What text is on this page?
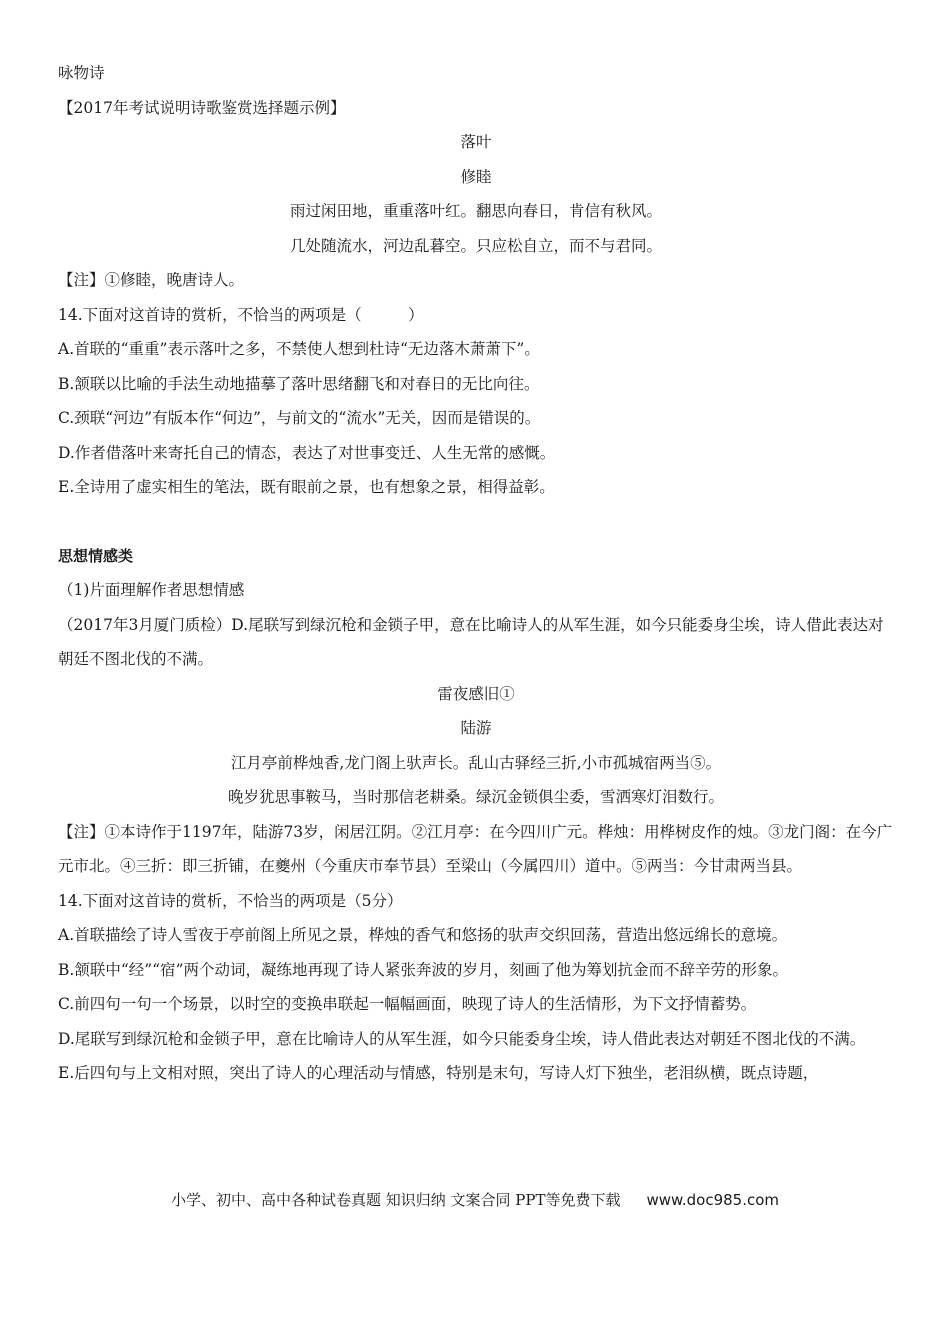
咏物诗
【2017年考试说明诗歌鉴赏选择题示例】
落叶
修睦
雨过闲田地，重重落叶红。翻思向春日，肯信有秋风。
几处随流水，河边乱暮空。只应松自立，而不与君同。
【注】①修睦，晚唐诗人。
14.下面对这首诗的赏析，不恰当的两项是（　　　）
A.首联的“重重”表示落叶之多，不禁使人想到杜诗“无边落木萧萧下”。
B.颔联以比喻的手法生动地描摹了落叶思绪翻飞和对春日的无比向往。
C.颈联“河边”有版本作“何边”，与前文的“流水”无关，因而是错误的。
D.作者借落叶来寄托自己的情态，表达了对世事变迁、人生无常的感慨。
E.全诗用了虚实相生的笔法，既有眼前之景，也有想象之景，相得益彰。
思想情感类
（1)片面理解作者思想情感
（2017年3月厦门质检）D.尾联写到绿沉枪和金锁子甲，意在比喻诗人的从军生涯，如今只能委身尘埃，诗人借此表达对朝廷不图北伐的不满。
雷夜感旧①
陆游
江月亭前桦烛香,龙门阁上驮声长。乱山古驿经三折,小市孤城宿两当⑤。
晚岁犹思事鞍马，当时那信老耕桑。绿沉金锁俱尘委，雪洒寒灯泪数行。
【注】①本诗作于1197年，陆游73岁，闲居江阴。②江月亭：在今四川广元。桦烛：用桦树皮作的烛。③龙门阁：在今广元市北。④三折：即三折铺，在夔州（今重庆市奉节县）至梁山（今属四川）道中。⑤两当：今甘肃两当县。
14.下面对这首诗的赏析，不恰当的两项是（5分）
A.首联描绘了诗人雪夜于亭前阁上所见之景，桦烛的香气和悠扬的驮声交织回荡，营造出悠远绵长的意境。
B.颔联中“经”“宿”两个动词，凝练地再现了诗人紧张奔波的岁月，刻画了他为筹划抗金而不辞辛劳的形象。
C.前四句一句一个场景，以时空的变换串联起一幅幅画面，映现了诗人的生活情形，为下文抒情蓄势。
D.尾联写到绿沉枪和金锁子甲，意在比喻诗人的从军生涯，如今只能委身尘埃，诗人借此表达对朝廷不图北伐的不满。
E.后四句与上文相对照，突出了诗人的心理活动与情感，特别是末句，写诗人灯下独坐，老泪纵横，既点诗题，
小学、初中、高中各种试卷真题 知识归纳 文案合同 PPT等免费下载 www.doc985.com
